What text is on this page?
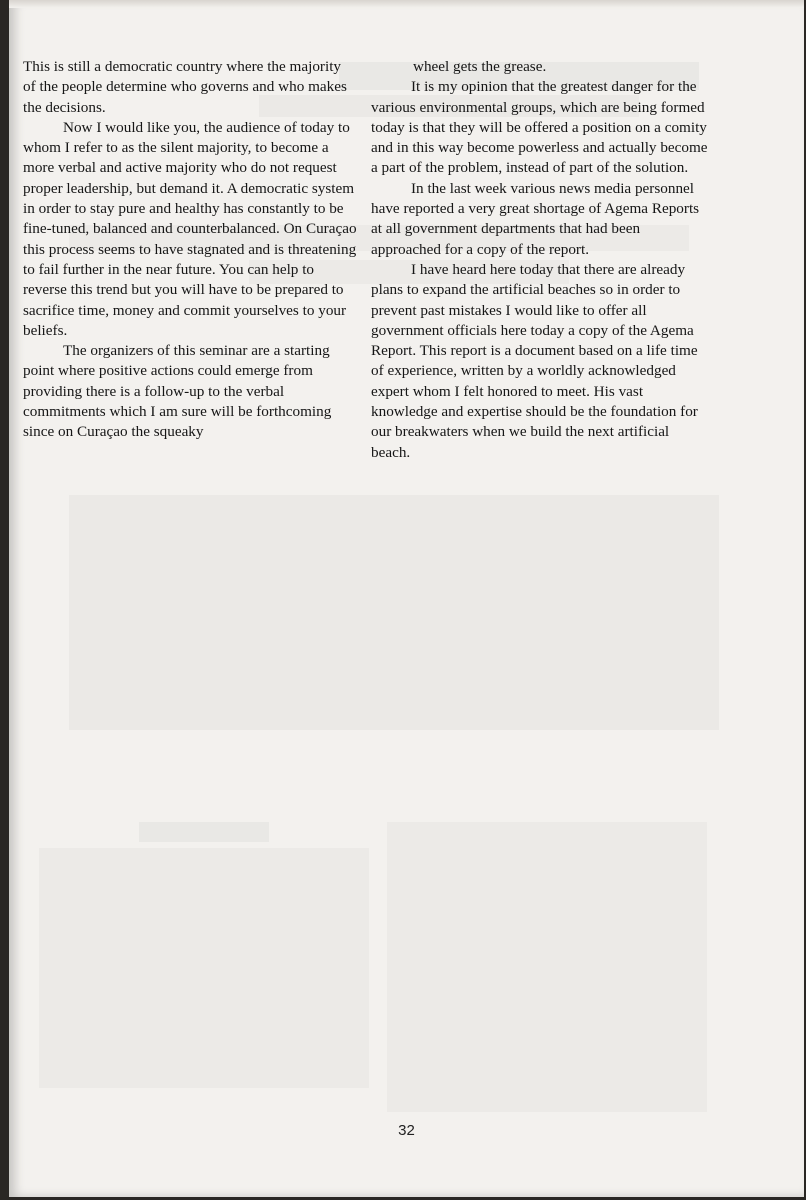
This is still a democratic country where the majority of the people determine who governs and who makes the decisions.

Now I would like you, the audience of today to whom I refer to as the silent majority, to become a more verbal and active majority who do not request proper leadership, but demand it. A democratic system in order to stay pure and healthy has constantly to be fine-tuned, balanced and counterbalanced. On Curaçao this process seems to have stagnated and is threatening to fail further in the near future. You can help to reverse this trend but you will have to be prepared to sacrifice time, money and commit yourselves to your beliefs.

The organizers of this seminar are a starting point where positive actions could emerge from providing there is a follow-up to the verbal commitments which I am sure will be forthcoming since on Curaçao the squeaky

wheel gets the grease.

It is my opinion that the greatest danger for the various environmental groups, which are being formed today is that they will be offered a position on a comity and in this way become powerless and actually become a part of the problem, instead of part of the solution.

In the last week various news media personnel have reported a very great shortage of Agema Reports at all government departments that had been approached for a copy of the report.

I have heard here today that there are already plans to expand the artificial beaches so in order to prevent past mistakes I would like to offer all government officials here today a copy of the Agema Report. This report is a document based on a life time of experience, written by a worldly acknowledged expert whom I felt honored to meet. His vast knowledge and expertise should be the foundation for our breakwaters when we build the next artificial beach.

32
